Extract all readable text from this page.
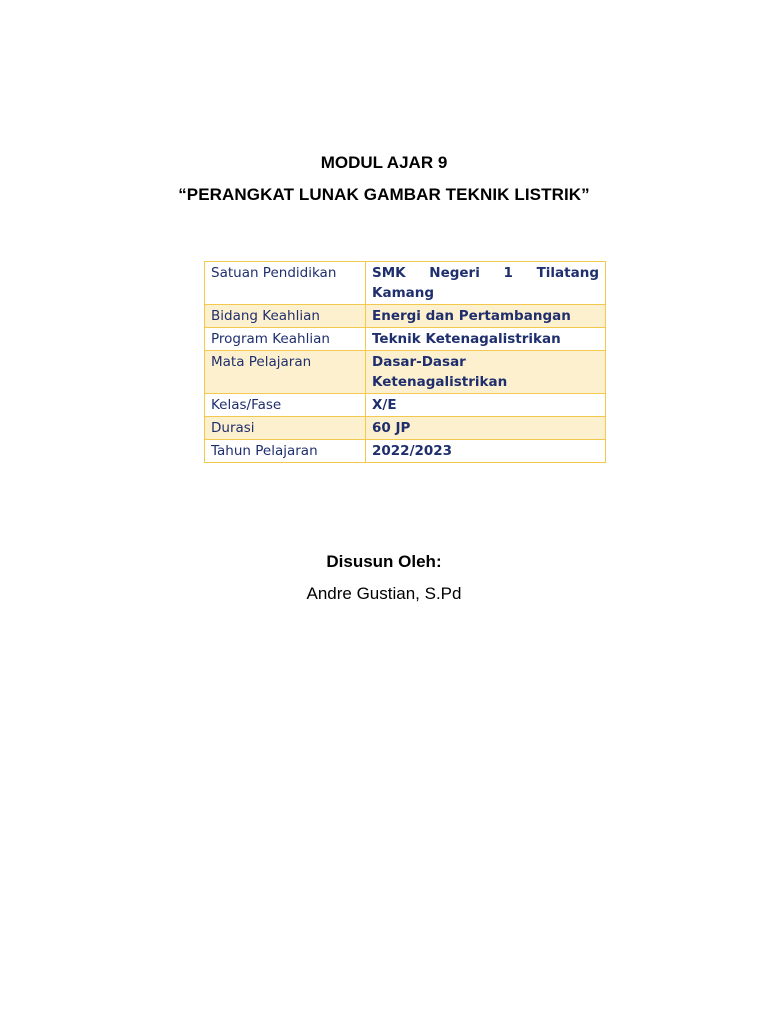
MODUL AJAR 9

“PERANGKAT LUNAK GAMBAR TEKNIK LISTRIK”

Satuan Pendidikan	SMK Negeri 1 Tilatang Kamang
Bidang Keahlian	Energi dan Pertambangan
Program Keahlian	Teknik Ketenagalistrikan
Mata Pelajaran	Dasar-Dasar Ketenagalistrikan
Kelas/Fase	X/E
Durasi	60 JP
Tahun Pelajaran	2022/2023

Disusun Oleh:

Andre Gustian, S.Pd
